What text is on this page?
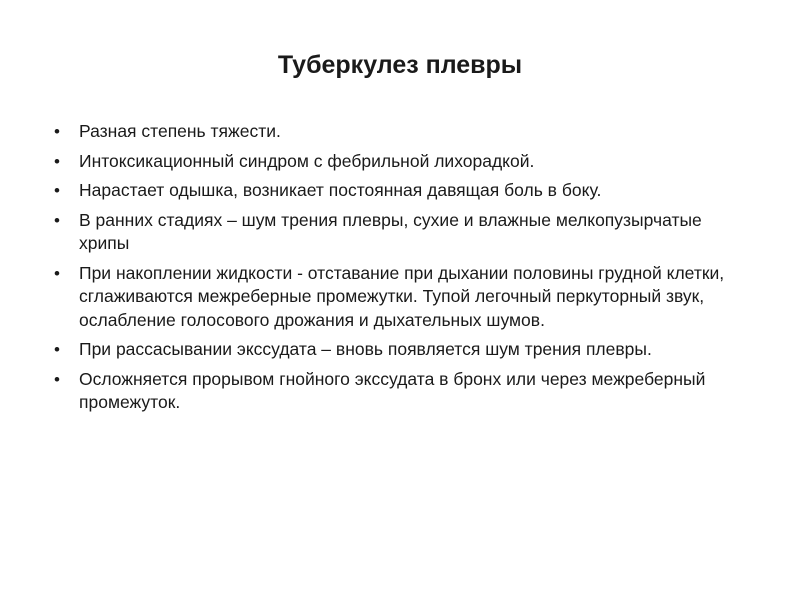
Туберкулез плевры
• Разная степень тяжести.
• Интоксикационный синдром с фебрильной лихорадкой.
• Нарастает одышка, возникает постоянная давящая боль в боку.
• В ранних стадиях – шум трения плевры, сухие и влажные мелкопузырчатые хрипы
• При накоплении жидкости - отставание при дыхании половины грудной клетки, сглаживаются межреберные промежутки. Тупой легочный перкуторный звук, ослабление голосового дрожания и дыхательных шумов.
• При рассасывании экссудата – вновь появляется шум трения плевры.
• Осложняется прорывом гнойного экссудата в бронх или через межреберный промежуток.
